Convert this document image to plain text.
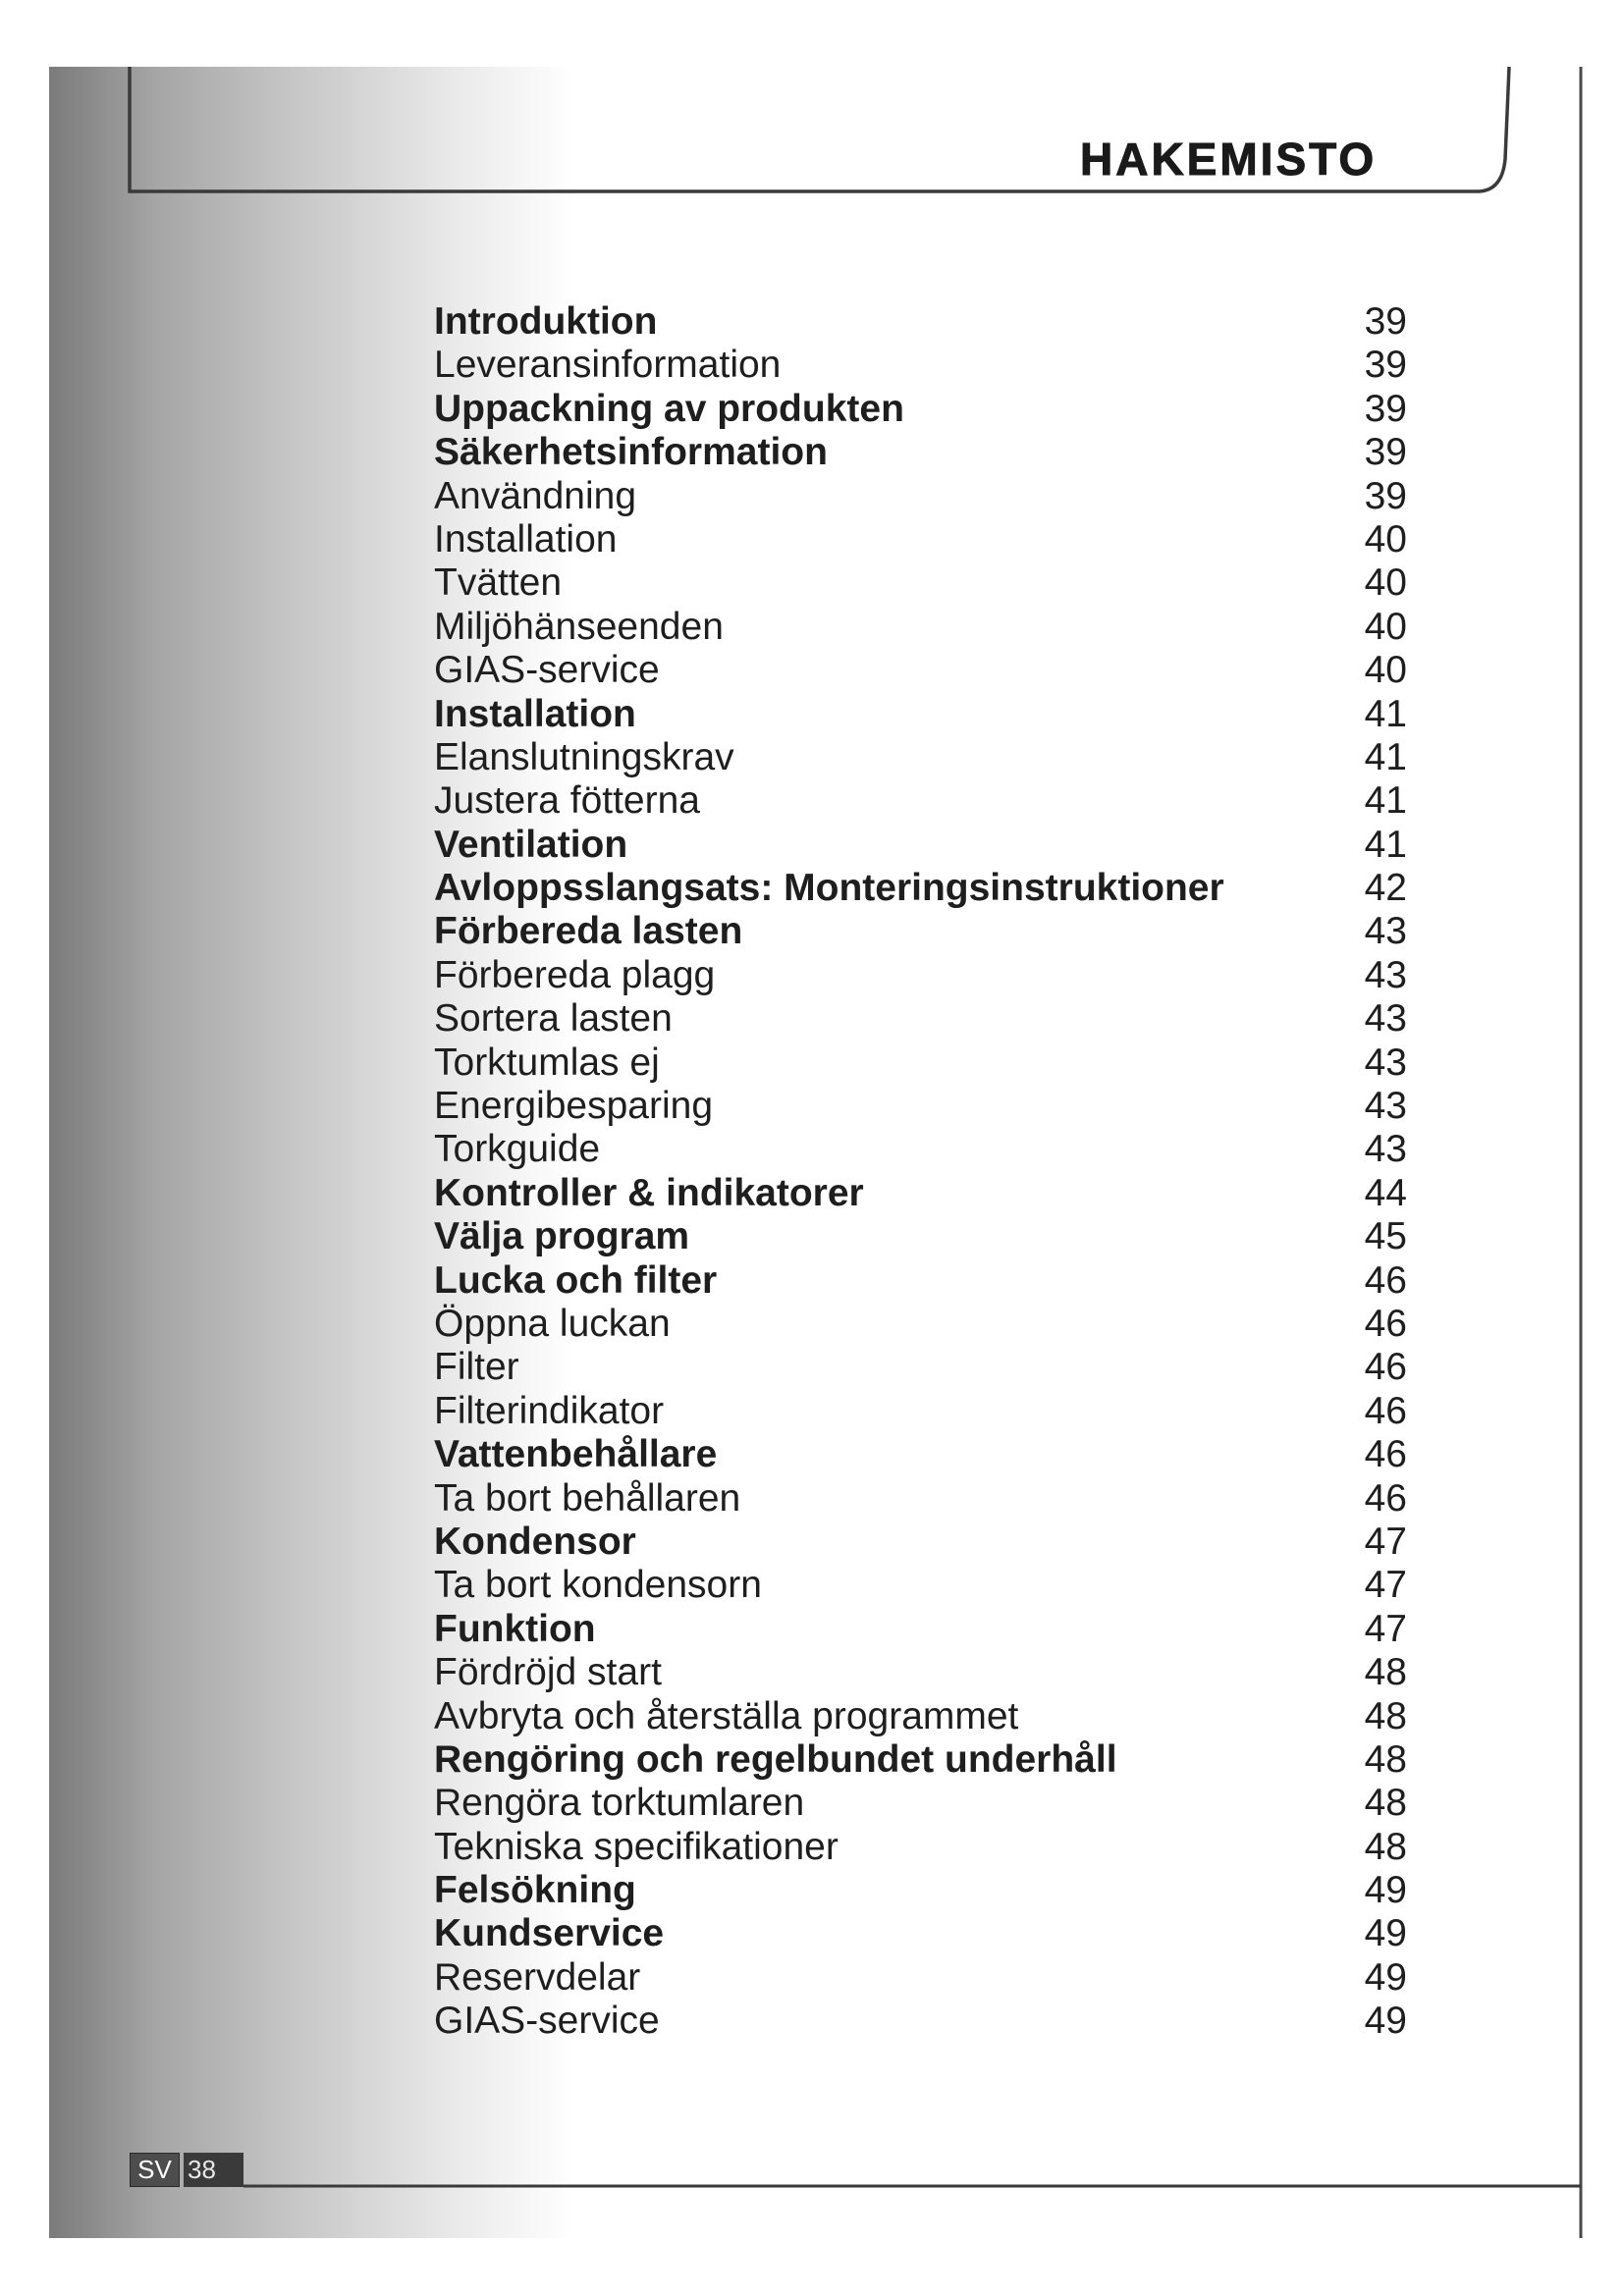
HAKEMISTO
Introduktion	39
Leveransinformation	39
Uppackning av produkten	39
Säkerhetsinformation	39
Användning	39
Installation	40
Tvätten	40
Miljöhänseenden	40
GIAS-service	40
Installation	41
Elanslutningskrav	41
Justera fötterna	41
Ventilation	41
Avloppsslangsats: Monteringsinstruktioner	42
Förbereda lasten	43
Förbereda plagg	43
Sortera lasten	43
Torktumlas ej	43
Energibesparing	43
Torkguide	43
Kontroller & indikatorer	44
Välja program	45
Lucka och filter	46
Öppna luckan	46
Filter	46
Filterindikator	46
Vattenbehållare	46
Ta bort behållaren	46
Kondensor	47
Ta bort kondensorn	47
Funktion	47
Fördröjd start	48
Avbryta och återställa programmet	48
Rengöring och regelbundet underhåll	48
Rengöra torktumlaren	48
Tekniska specifikationer	48
Felsökning	49
Kundservice	49
Reservdelar	49
GIAS-service	49
SV 38
